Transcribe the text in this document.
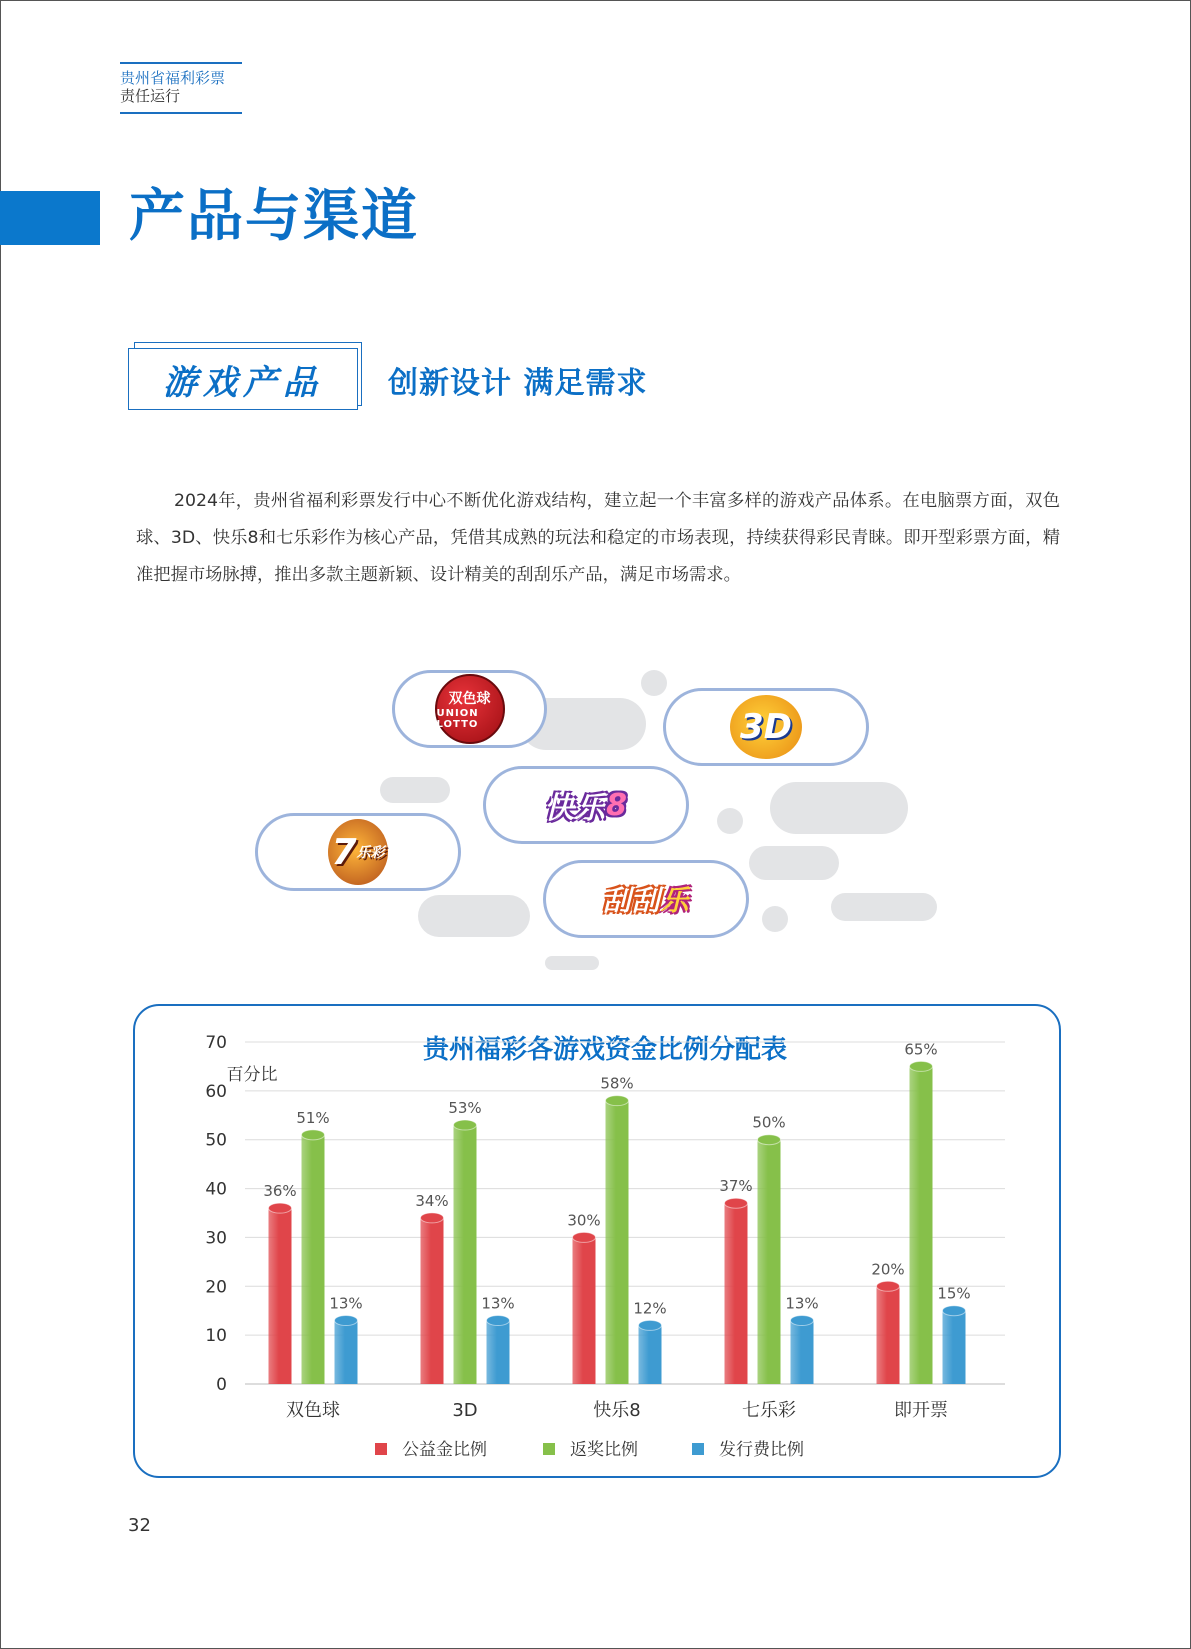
贵州省福利彩票
责任运行
产品与渠道
游戏产品 创新设计 满足需求
2024年，贵州省福利彩票发行中心不断优化游戏结构，建立起一个丰富多样的游戏产品体系。在电脑票方面，双色球、3D、快乐8和七乐彩作为核心产品，凭借其成熟的玩法和稳定的市场表现，持续获得彩民青睐。即开型彩票方面，精准把握市场脉搏，推出多款主题新颖、设计精美的刮刮乐产品，满足市场需求。
双色球
UNION LOTTO	3D
快乐 8
7 乐彩
刮刮 乐
贵州福彩各游戏资金比例分配表
百分比
0
10
20
30
40
50
60
70
36%
51%
13%
双色球
34%
53%
13%
3D
30%
58%
12%
快乐8
37%
50%
13%
七乐彩
20%
65%
15%
即开票
公益金比例	返奖比例	发行费比例
32
